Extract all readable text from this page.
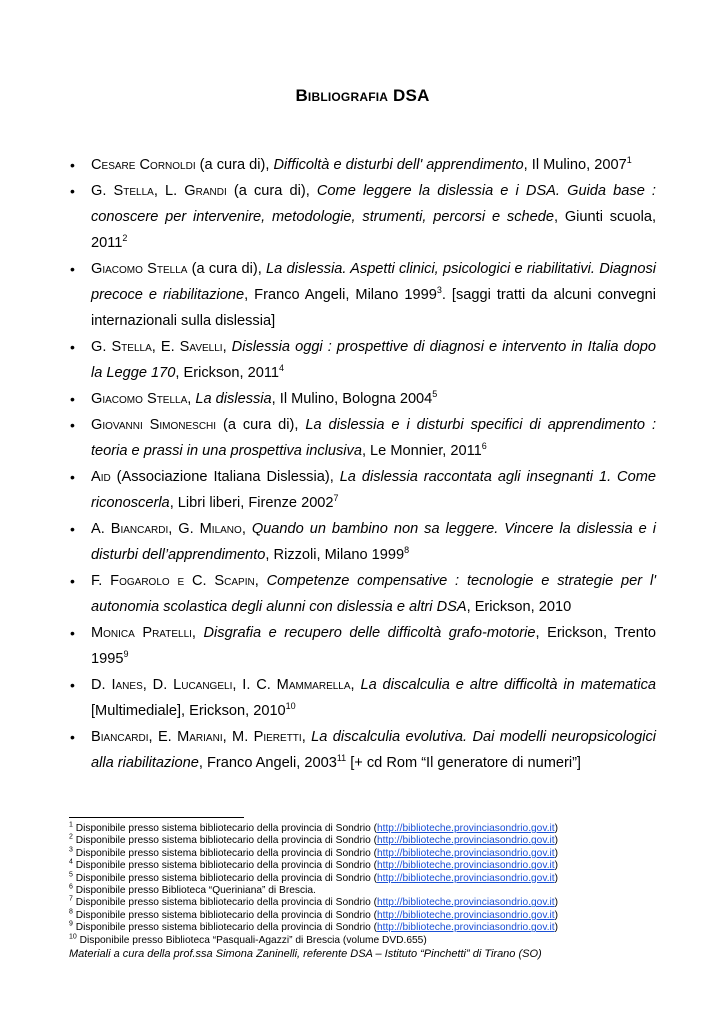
Bibliografia DSA
• Cesare Cornoldi (a cura di), Difficoltà e disturbi dell' apprendimento, Il Mulino, 2007$^1$
• G. Stella, L. Grandi (a cura di), Come leggere la dislessia e i DSA. Guida base : conoscere per intervenire, metodologie, strumenti, percorsi e schede, Giunti scuola, 2011$^2$
• Giacomo Stella (a cura di), La dislessia. Aspetti clinici, psicologici e riabilitativi. Diagnosi precoce e riabilitazione, Franco Angeli, Milano 1999$^3$. [saggi tratti da alcuni convegni internazionali sulla dislessia]
• G. Stella, E. Savelli, Dislessia oggi : prospettive di diagnosi e intervento in Italia dopo la Legge 170, Erickson, 2011$^4$
• Giacomo Stella, La dislessia, Il Mulino, Bologna 2004$^5$
• Giovanni Simoneschi (a cura di), La dislessia e i disturbi specifici di apprendimento : teoria e prassi in una prospettiva inclusiva, Le Monnier, 2011$^6$
• Aid (Associazione Italiana Dislessia), La dislessia raccontata agli insegnanti 1. Come riconoscerla, Libri liberi, Firenze 2002$^7$
• A. Biancardi, G. Milano, Quando un bambino non sa leggere. Vincere la dislessia e i disturbi dell’apprendimento, Rizzoli, Milano 1999$^8$
• F. Fogarolo e C. Scapin, Competenze compensative : tecnologie e strategie per l' autonomia scolastica degli alunni con dislessia e altri DSA, Erickson, 2010
• Monica Pratelli, Disgrafia e recupero delle difficoltà grafo-motorie, Erickson, Trento 1995$^9$
• D. Ianes, D. Lucangeli, I. C. Mammarella, La discalculia e altre difficoltà in matematica [Multimediale], Erickson, 2010$^{10}$
• Biancardi, E. Mariani, M. Pieretti, La discalculia evolutiva. Dai modelli neuropsicologici alla riabilitazione, Franco Angeli, 2003$^{11}$ [+ cd Rom “Il generatore di numeri”]
$^1$ Disponibile presso sistema bibliotecario della provincia di Sondrio (http://biblioteche.provinciasondrio.gov.it)
$^2$ Disponibile presso sistema bibliotecario della provincia di Sondrio (http://biblioteche.provinciasondrio.gov.it)
$^3$ Disponibile presso sistema bibliotecario della provincia di Sondrio (http://biblioteche.provinciasondrio.gov.it)
$^4$ Disponibile presso sistema bibliotecario della provincia di Sondrio (http://biblioteche.provinciasondrio.gov.it)
$^5$ Disponibile presso sistema bibliotecario della provincia di Sondrio (http://biblioteche.provinciasondrio.gov.it)
$^6$ Disponibile presso Biblioteca “Queriniana” di Brescia.
$^7$ Disponibile presso sistema bibliotecario della provincia di Sondrio (http://biblioteche.provinciasondrio.gov.it)
$^8$ Disponibile presso sistema bibliotecario della provincia di Sondrio (http://biblioteche.provinciasondrio.gov.it)
$^9$ Disponibile presso sistema bibliotecario della provincia di Sondrio (http://biblioteche.provinciasondrio.gov.it)
$^{10}$ Disponibile presso Biblioteca “Pasquali-Agazzi” di Brescia (volume DVD.655)
Materiali a cura della prof.ssa Simona Zaninelli, referente DSA – Istituto “Pinchetti” di Tirano (SO)
